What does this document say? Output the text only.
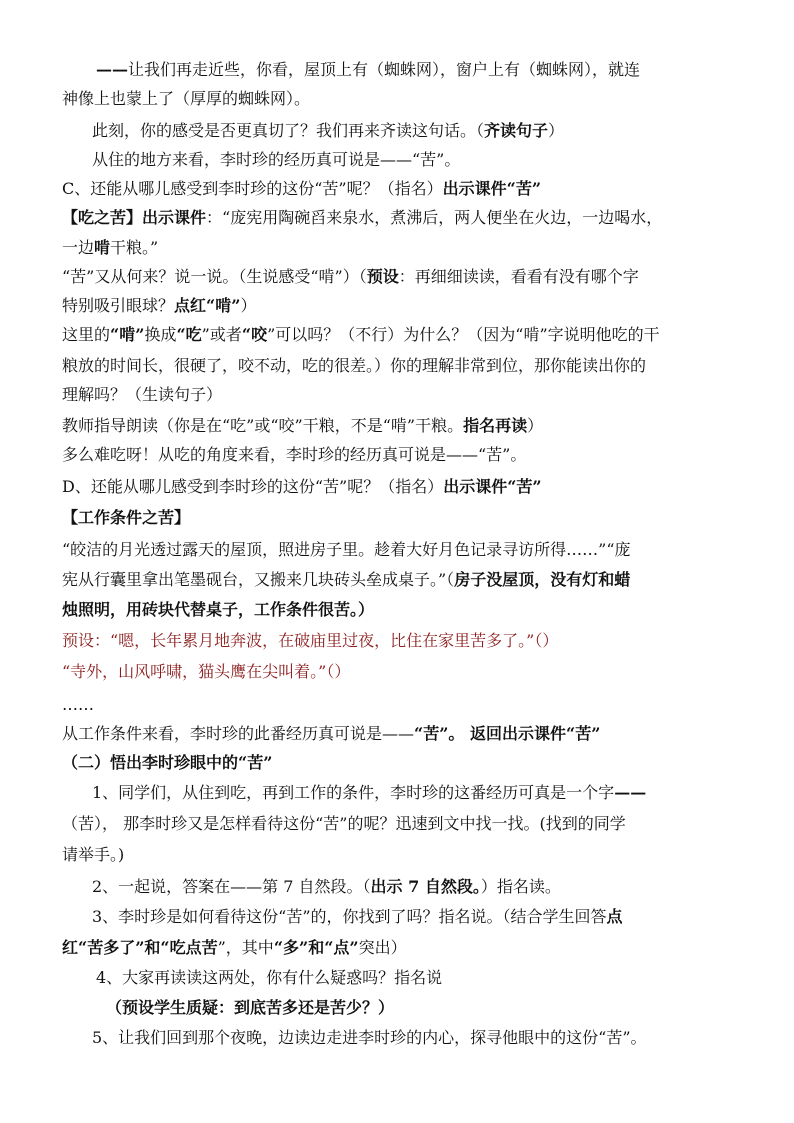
——让我们再走近些，你看，屋顶上有（蜘蛛网），窗户上有（蜘蛛网），就连

神像上也蒙上了（厚厚的蜘蛛网）。

此刻，你的感受是否更真切了？我们再来齐读这句话。（齐读句子）

从住的地方来看，李时珍的经历真可说是——“苦”。

C、还能从哪儿感受到李时珍的这份“苦”呢？（指名）出示课件“苦”

【吃之苦】出示课件：“庞宪用陶碗舀来泉水，煮沸后，两人便坐在火边，一边喝水，

一边啃干粮。”

“苦”又从何来？说一说。（生说感受“啃”）（预设：再细细读读，看看有没有哪个字

特别吸引眼球？点红“啃”）

这里的“啃”换成“吃”或者“咬”可以吗？（不行）为什么？（因为“啃”字说明他吃的干

粮放的时间长，很硬了，咬不动，吃的很差。）你的理解非常到位，那你能读出你的

理解吗？（生读句子）

教师指导朗读（你是在“吃”或“咬”干粮，不是“啃”干粮。指名再读）

多么难吃呀！从吃的角度来看，李时珍的经历真可说是——“苦”。

D、还能从哪儿感受到李时珍的这份“苦”呢？（指名）出示课件“苦”

【工作条件之苦】

“皎洁的月光透过露天的屋顶，照进房子里。趁着大好月色记录寻访所得……”“庞

宪从行囊里拿出笔墨砚台，又搬来几块砖头垒成桌子。”（房子没屋顶，没有灯和蜡

烛照明，用砖块代替桌子，工作条件很苦。）

预设：“嗯，长年累月地奔波，在破庙里过夜，比住在家里苦多了。”（）

“寺外，山风呼啸，猫头鹰在尖叫着。”（）

……

从工作条件来看，李时珍的此番经历真可说是——“苦”。 返回出示课件“苦”

（二）悟出李时珍眼中的“苦”

1、同学们，从住到吃，再到工作的条件，李时珍的这番经历可真是一个字——

（苦）， 那李时珍又是怎样看待这份“苦”的呢？迅速到文中找一找。(找到的同学

请举手。)

2、一起说，答案在——第 7 自然段。（出示 7 自然段。）指名读。

3、李时珍是如何看待这份“苦”的，你找到了吗？指名说。（结合学生回答点

红“苦多了”和“吃点苦”，其中“多”和“点”突出）

4、大家再读读这两处，你有什么疑惑吗？指名说

（预设学生质疑：到底苦多还是苦少？）

5、让我们回到那个夜晚，边读边走进李时珍的内心，探寻他眼中的这份“苦”。
